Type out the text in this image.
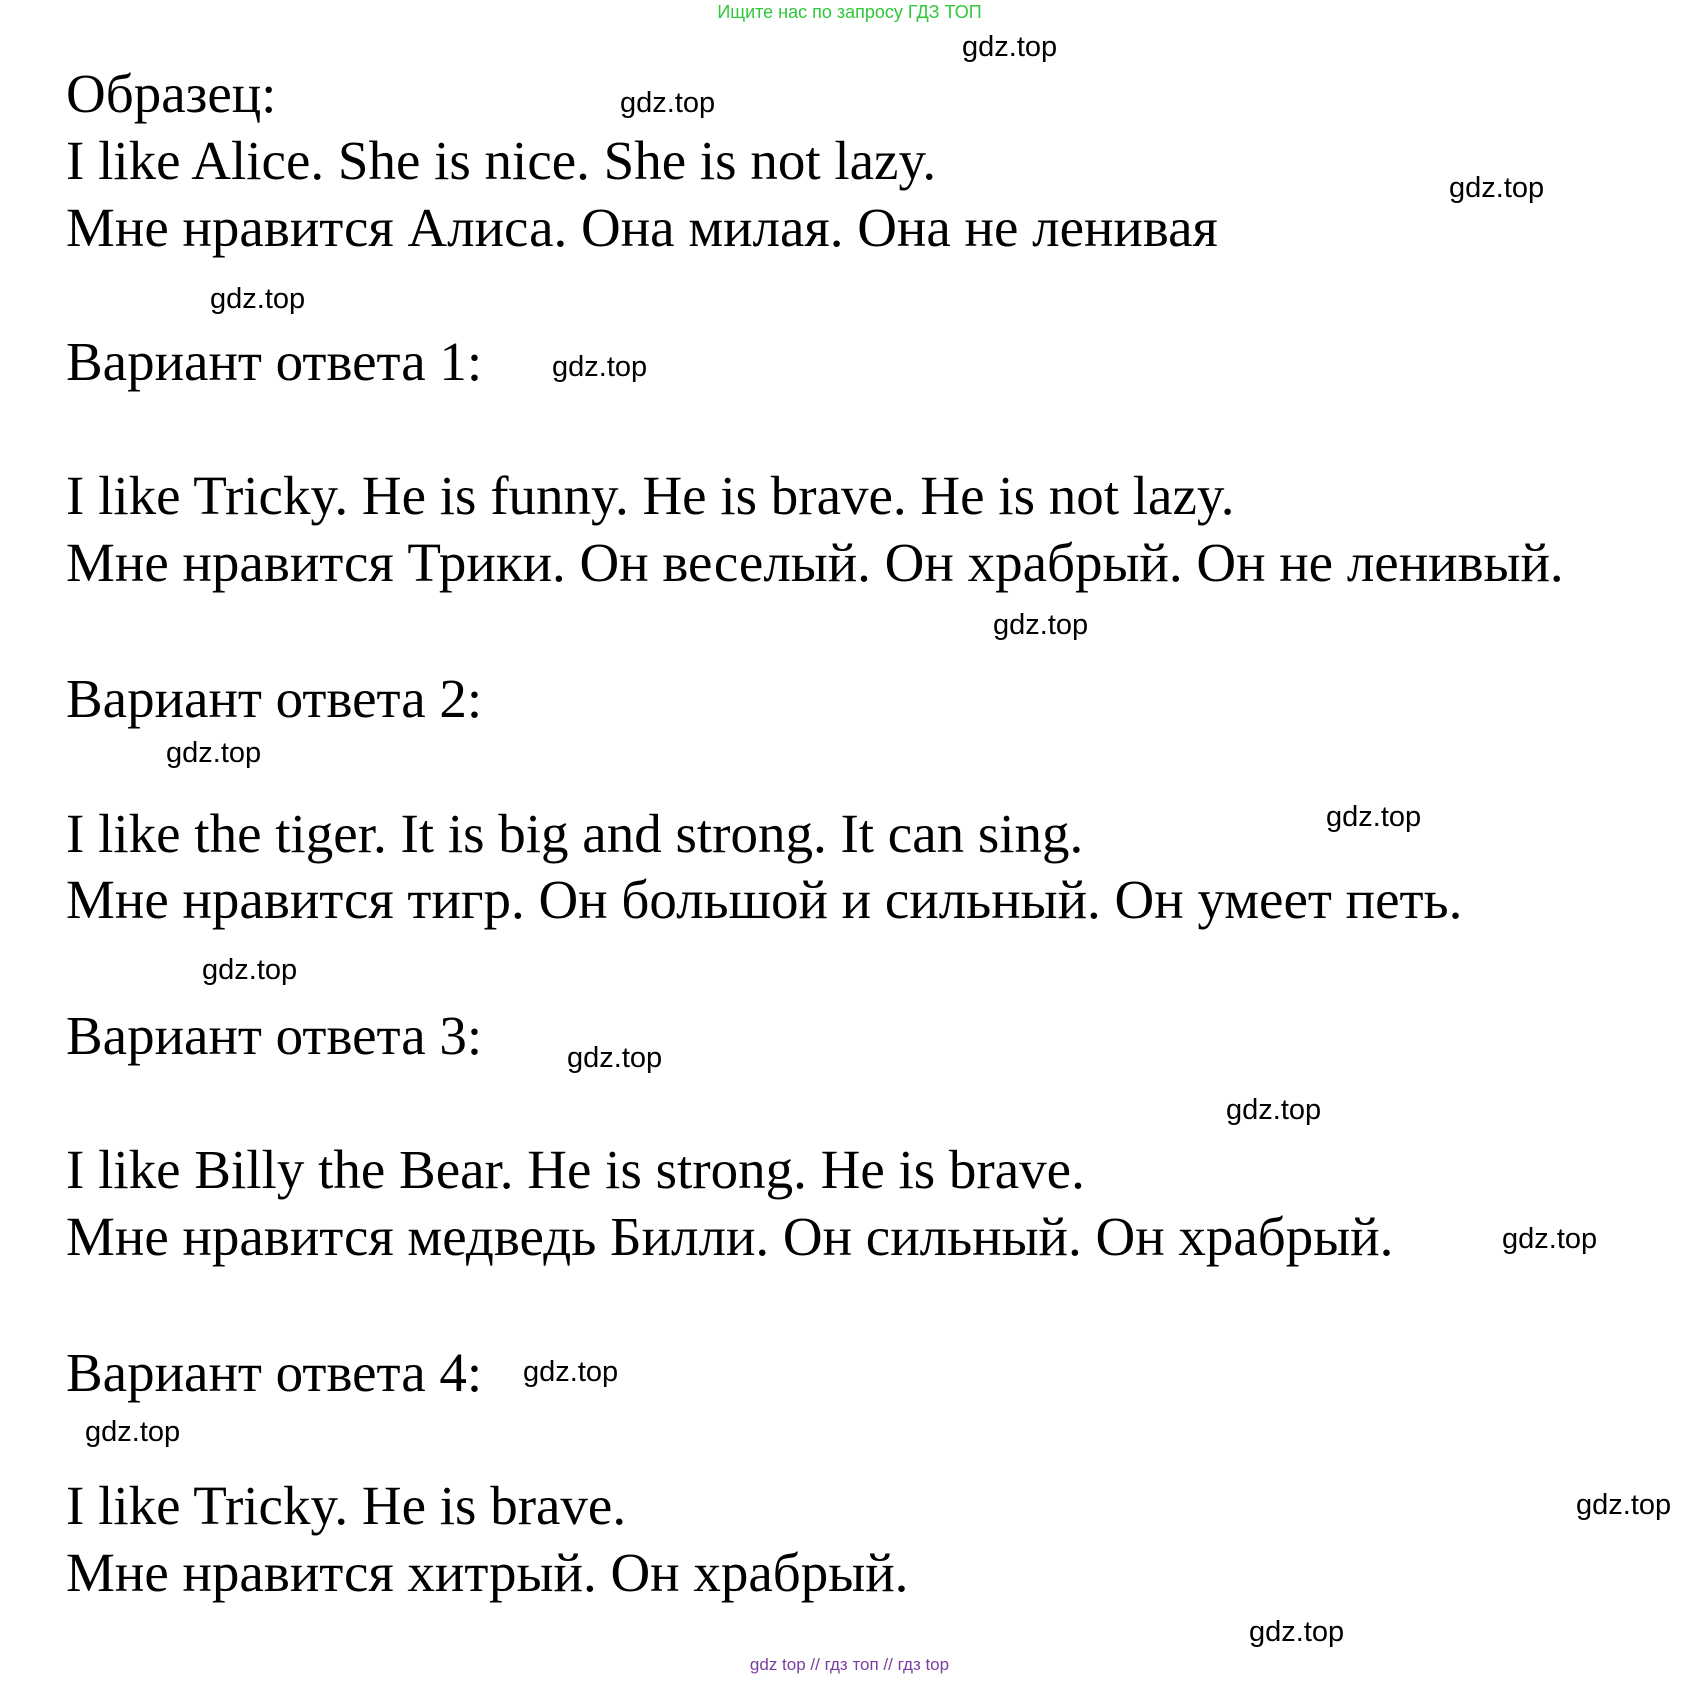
Ищите нас по запросу ГДЗ ТОП
Образец:
I like Alice. She is nice. She is not lazy.
Мне нравится Алиса. Она милая. Она не ленивая
Вариант ответа 1:
I like Tricky. He is funny. He is brave. He is not lazy.
Мне нравится Трики. Он веселый. Он храбрый. Он не ленивый.
Вариант ответа 2:
I like the tiger. It is big and strong. It can sing.
Мне нравится тигр. Он большой и сильный. Он умеет петь.
Вариант ответа 3:
I like Billy the Bear. He is strong. He is brave.
Мне нравится медведь Билли. Он сильный. Он храбрый.
Вариант ответа 4:
I like Tricky. He is brave.
Мне нравится хитрый. Он храбрый.
gdz.top
gdz.top
gdz.top
gdz.top
gdz.top
gdz.top
gdz.top
gdz.top
gdz.top
gdz.top
gdz.top
gdz.top
gdz.top
gdz.top
gdz.top
gdz.top
gdz top // гдз топ // гдз top
